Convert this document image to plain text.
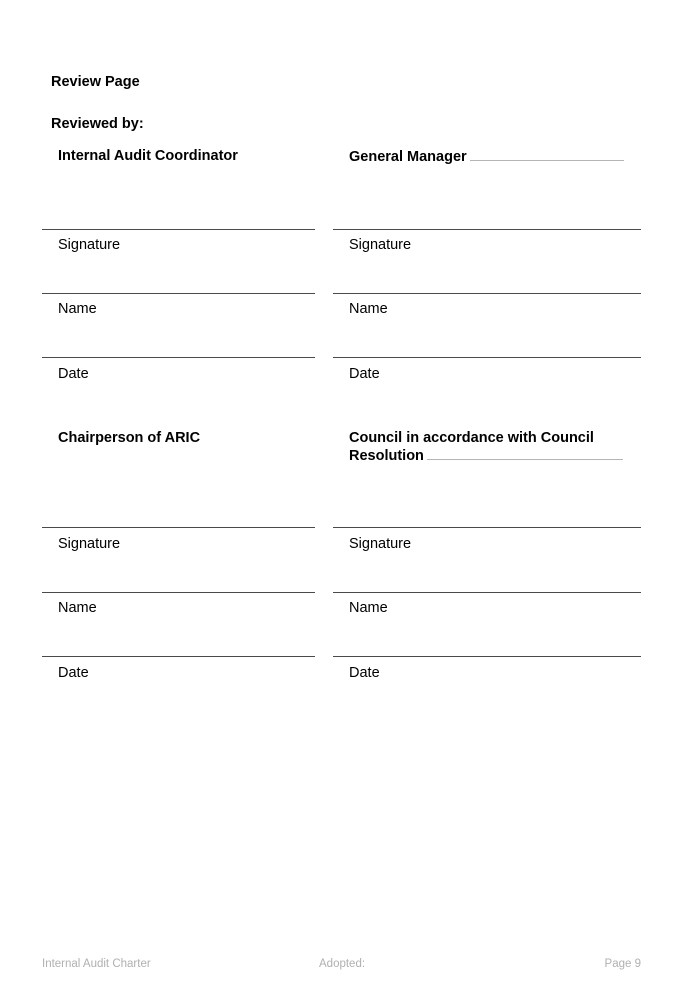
Review Page
Reviewed by:
Internal Audit Coordinator	General Manager
Signature	Signature
Name	Name
Date	Date
Chairperson of ARIC	Council in accordance with Council
Resolution
Signature	Signature
Name	Name
Date	Date
Internal Audit Charter	Adopted:	Page 9
